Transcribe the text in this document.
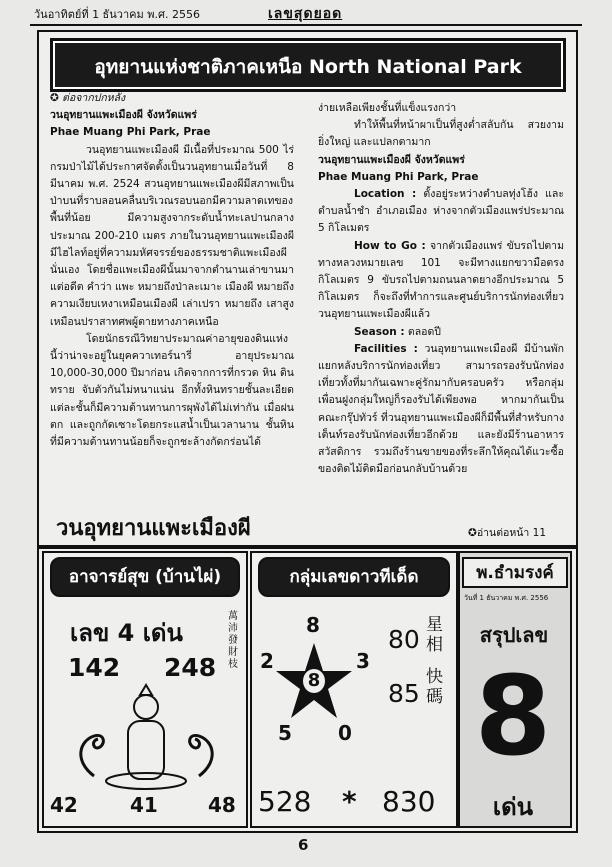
วันอาทิตย์ที่ 1 ธันวาคม พ.ศ. 2556	เลขสุดยอด
อุทยานแห่งชาติภาคเหนือ North National Park

✪ ต่อจากปกหลัง

วนอุทยานแพะเมืองผี จังหวัดแพร่

Phae Muang Phi Park, Prae

วนอุทยานแพะเมืองผี มีเนื้อที่ประมาณ 500 ไร่ กรมป่าไม้ได้ประกาศจัดตั้งเป็นวนอุทยานเมื่อวันที่ 8 มีนาคม พ.ศ. 2524 สวนอุทยานแพะเมืองผีมีสภาพเป็นป่าบนที่ราบลอนคลื่นบริเวณรอบนอกมีความลาดเทของพื้นที่น้อย มีความสูงจากระดับน้ำทะเลปานกลางประมาณ 200-210 เมตร ภายในวนอุทยานแพะเมืองผี มีไฮไลท์อยู่ที่ความมหัศจรรย์ของธรรมชาติแพะเมืองผีนั่นเอง โดยชื่อแพะเมืองผีนั้นมาจากตำนานเล่าขานมาแต่อดีต คำว่า แพะ หมายถึงป่าละเมาะ เมืองผี หมายถึง ความเงียบเหงาเหมือนเมืองผี เล่าเปรา หมายถึง เสาสูงเหมือนปราสาทศพผู้ตายทางภาคเหนือ

โดยนักธรณีวิทยาประมาณค่าอายุของดินแห่งนี้ว่าน่าจะอยู่ในยุคควาเทอร์นารี่ อายุประมาณ 10,000-30,000 ปีมาก่อน เกิดจากการที่กรวด หิน ดิน ทราย จับตัวกันไม่หนาแน่น อีกทั้งหินทรายชั้นละเอียดแต่ละชั้นก็มีความต้านทานการผุพังได้ไม่เท่ากัน เมื่อฝนตก และถูกกัดเซาะโดยกระแสน้ำเป็นเวลานาน ชั้นหินที่มีความต้านทานน้อยก็จะถูกชะล้างกัดกร่อนได้

ง่ายเหลือเพียงชั้นที่แข็งแรงกว่า

ทำให้พื้นที่หน้าผาเป็นที่สูงต่ำสลับกัน สวยงาม ยิ่งใหญ่ และแปลกตามาก

วนอุทยานแพะเมืองผี จังหวัดแพร่

Phae Muang Phi Park, Prae

Location : ตั้งอยู่ระหว่างตำบลทุ่งโฮ้ง และตำบลน้ำชำ อำเภอเมือง ห่างจากตัวเมืองแพร่ประมาณ 5 กิโลเมตร

How to Go : จากตัวเมืองแพร่ ขับรถไปตามทางหลวงหมายเลข 101 จะมีทางแยกขวามือตรงกิโลเมตร 9 ขับรถไปตามถนนลาดยางอีกประมาณ 5 กิโลเมตร ก็จะถึงที่ทำการและศูนย์บริการนักท่องเที่ยววนอุทยานแพะเมืองผีแล้ว

Season : ตลอดปี

Facilities : วนอุทยานแพะเมืองผี มีบ้านพักแยกหลังบริการนักท่องเที่ยว สามารถรองรับนักท่องเที่ยวทั้งที่มากันเฉพาะคู่รักมากับครอบครัว หรือกลุ่มเพื่อนฝูงกลุ่มใหญ่ก็รองรับได้เพียงพอ หากมากันเป็นคณะกรุ๊ปทัวร์ ที่วนอุทยานแพะเมืองผีก็มีพื้นที่สำหรับกางเต็นท์รองรับนักท่องเที่ยวอีกด้วย และยังมีร้านอาหารสวัสดิการ รวมถึงร้านขายของที่ระลึกให้คุณได้แวะซื้อของติดไม้ติดมือก่อนกลับบ้านด้วย

วนอุทยานแพะเมืองผี	✪อ่านต่อหน้า 11
อาจารย์สุข (บ้านไผ่)
เลข 4 เด่น
萬沛發財枝
142 248
42	41	48
กลุ่มเลขดาวทีเด็ด
8
8
2	3
5 0
80
85
星相
快碼
528 * 830
พ.ธำมรงค์
วันที่ 1 ธันวาคม พ.ศ. 2556
สรุปเลข
8
เด่น
6
